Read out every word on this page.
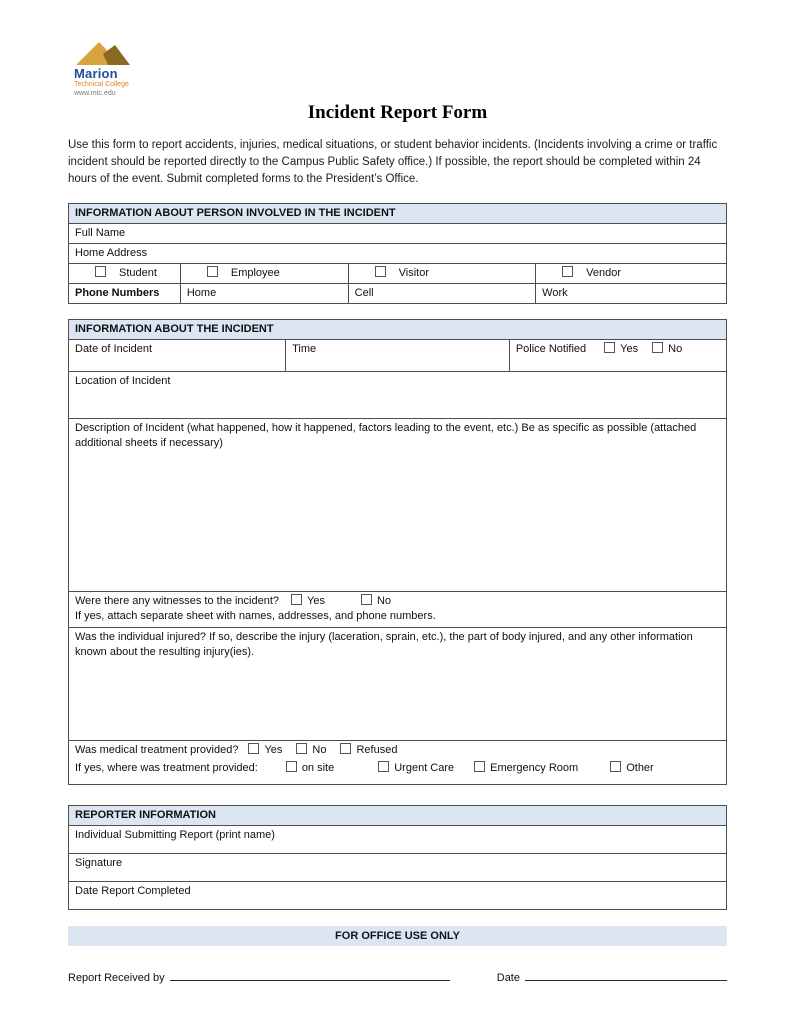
Marion
Technical College
www.mtc.edu
Incident Report Form

Use this form to report accidents, injuries, medical situations, or student behavior incidents. (Incidents involving a crime or traffic incident should be reported directly to the Campus Public Safety office.) If possible, the report should be completed within 24 hours of the event. Submit completed forms to the President’s Office.

INFORMATION ABOUT PERSON INVOLVED IN THE INCIDENT			
Full Name			
Home Address			
Student	Employee	Visitor	Vendor
Phone Numbers	Home	Cell	Work
INFORMATION ABOUT THE INCIDENT
Date of Incident	Time	Police Notified	Yes	No
Location of Incident
Description of Incident (what happened, how it happened, factors leading to the event, etc.) Be as specific as possible (attached additional sheets if necessary)

Were there any witnesses to the incident?	Yes	No
If yes, attach separate sheet with names, addresses, and phone numbers.

Was the individual injured? If so, describe the injury (laceration, sprain, etc.), the part of body injured, and any other information known about the resulting injury(ies).

Was medical treatment provided? Yes	No	Refused
If yes, where was treatment provided:	on site	Urgent Care	Emergency Room	Other
REPORTER INFORMATION
Individual Submitting Report (print name)
Signature
Date Report Completed
FOR OFFICE USE ONLY
Report Received by	Date
